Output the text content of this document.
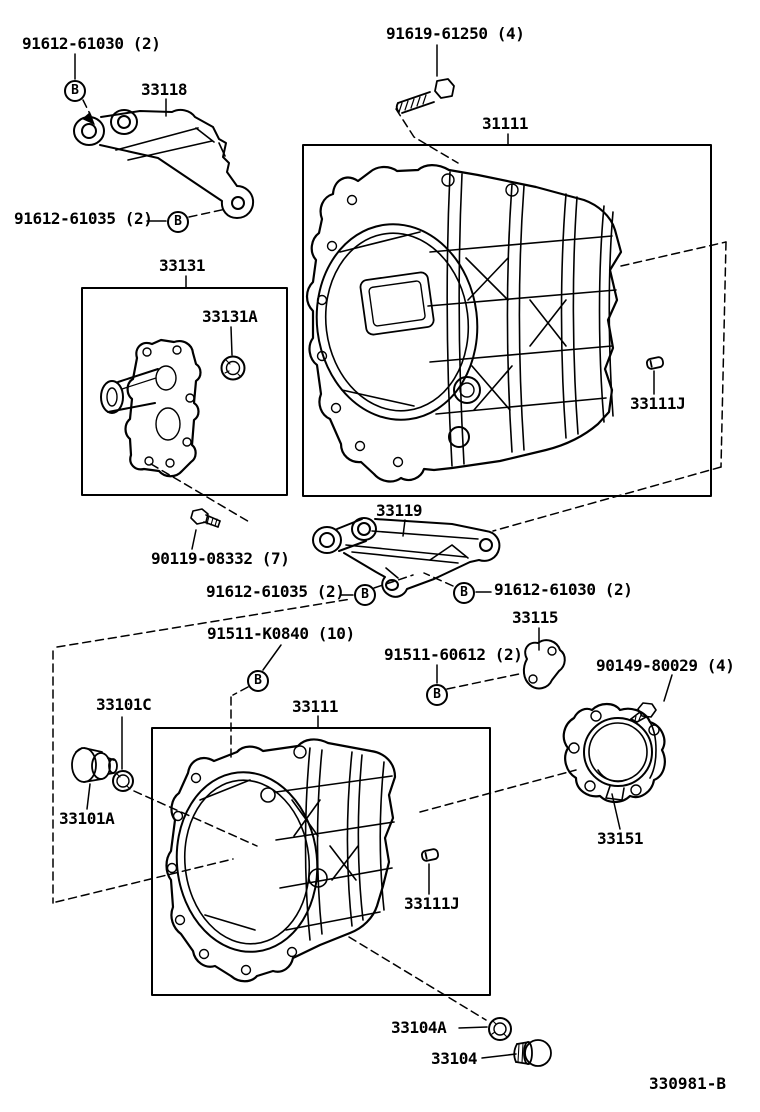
91612-61030 (2)
33118
91612-61035 (2)
91619-61250 (4)
31111
33131
33131A
33111J
90119-08332 (7)
33119
91612-61035 (2)	91612-61030 (2)
33115
91511-K0840 (10)
91511-60612 (2)
90149-80029 (4)
33101C	33111
33101A
33151
33111J
33104A
33104
B
B
B	B
B
B
330981-B
